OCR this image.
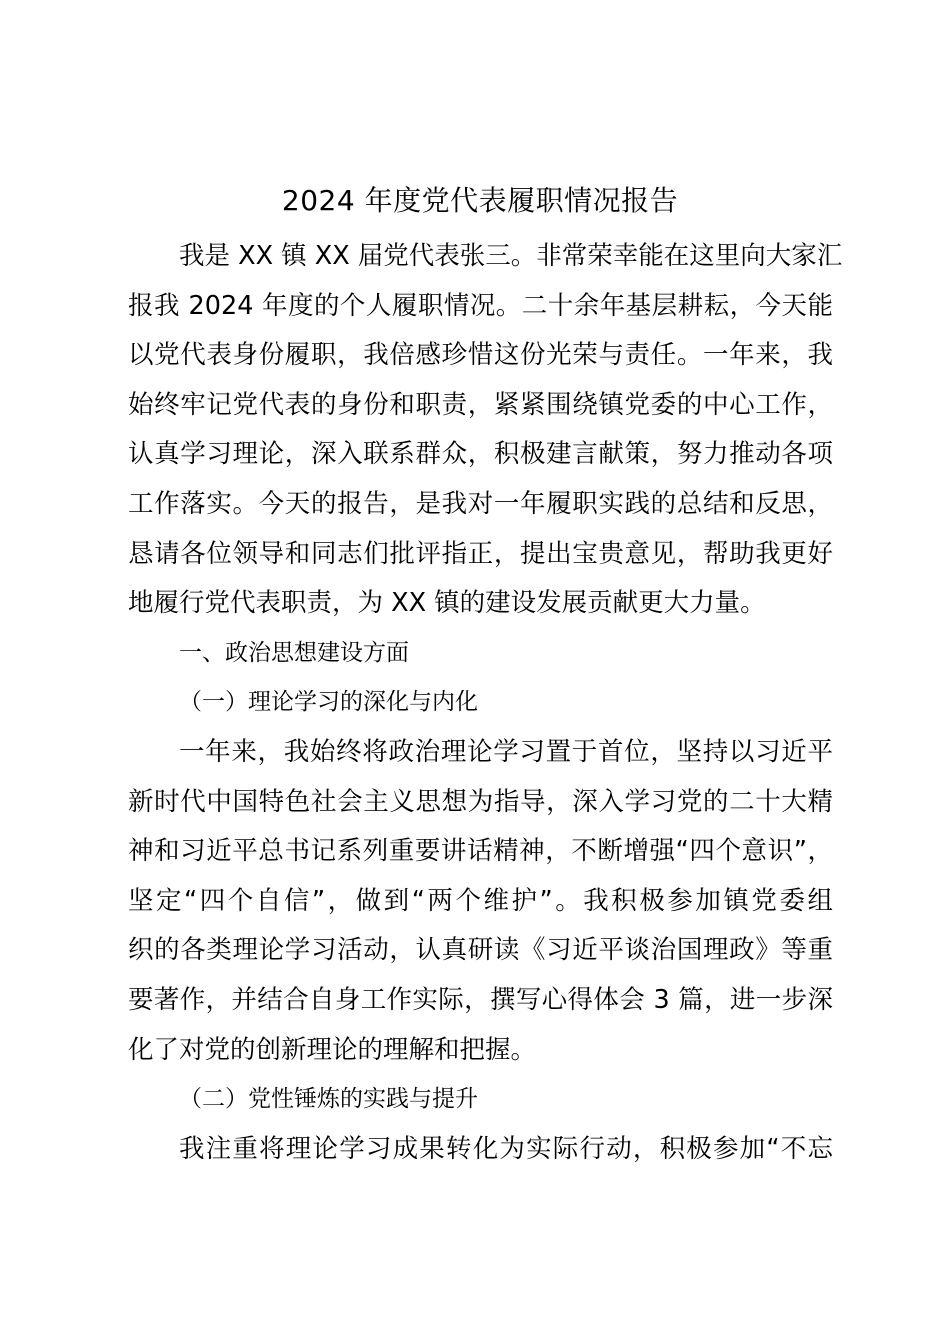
2024 年度党代表履职情况报告
我是 XX 镇 XX 届党代表张三。非常荣幸能在这里向大家汇
报我 2024 年度的个人履职情况。二十余年基层耕耘，今天能
以党代表身份履职，我倍感珍惜这份光荣与责任。一年来，我
始终牢记党代表的身份和职责，紧紧围绕镇党委的中心工作，
认真学习理论，深入联系群众，积极建言献策，努力推动各项
工作落实。今天的报告，是我对一年履职实践的总结和反思，
恳请各位领导和同志们批评指正，提出宝贵意见，帮助我更好
地履行党代表职责，为 XX 镇的建设发展贡献更大力量。
一、政治思想建设方面
（一）理论学习的深化与内化
一年来，我始终将政治理论学习置于首位，坚持以习近平
新时代中国特色社会主义思想为指导，深入学习党的二十大精
神和习近平总书记系列重要讲话精神，不断增强“四个意识”，
坚定“四个自信”，做到“两个维护”。我积极参加镇党委组
织的各类理论学习活动，认真研读《习近平谈治国理政》等重
要著作，并结合自身工作实际，撰写心得体会 3 篇，进一步深
化了对党的创新理论的理解和把握。
（二）党性锤炼的实践与提升
我注重将理论学习成果转化为实际行动，积极参加“不忘
